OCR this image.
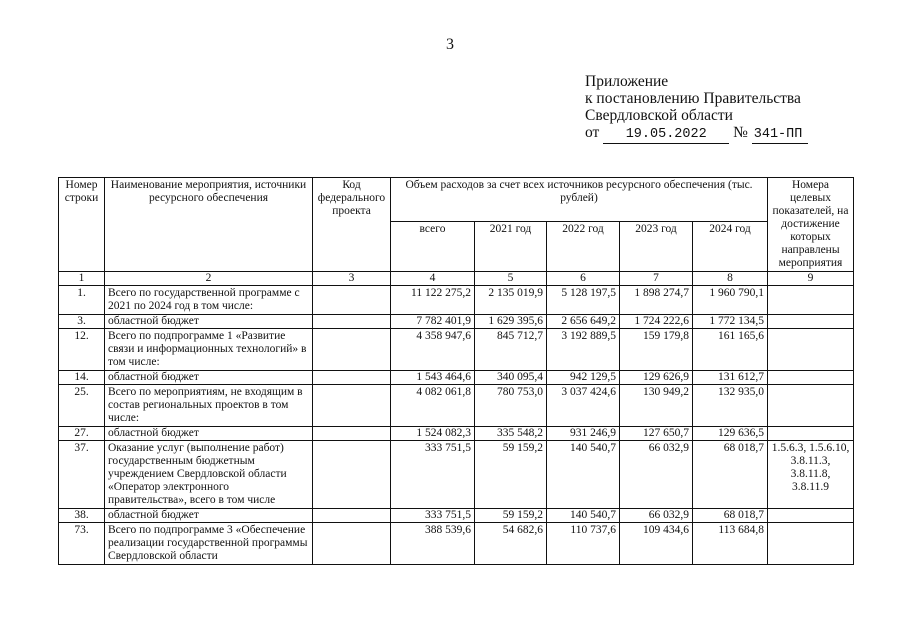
3
Приложение
к постановлению Правительства
Свердловской области
от 19.05.2022 № 341-ПП
Номер строки	Наименование мероприятия, источники ресурсного обеспечения	Код федерального проекта	Объем расходов за счет всех источников ресурсного обеспечения (тыс. рублей)					Номера целевых показателей, на достижение которых направлены мероприятия
			всего	2021 год	2022 год	2023 год	2024 год	
1	2	3	4	5	6	7	8	9
1.	Всего по государственной программе с 2021 по 2024 год в том числе:		11 122 275,2	2 135 019,9	5 128 197,5	1 898 274,7	1 960 790,1	
3.	областной бюджет		7 782 401,9	1 629 395,6	2 656 649,2	1 724 222,6	1 772 134,5	
12.	Всего по подпрограмме 1 «Развитие связи и информационных технологий» в том числе:		4 358 947,6	845 712,7	3 192 889,5	159 179,8	161 165,6	
14.	областной бюджет		1 543 464,6	340 095,4	942 129,5	129 626,9	131 612,7	
25.	Всего по мероприятиям, не входящим в состав региональных проектов в том числе:		4 082 061,8	780 753,0	3 037 424,6	130 949,2	132 935,0	
27.	областной бюджет		1 524 082,3	335 548,2	931 246,9	127 650,7	129 636,5	
37.	Оказание услуг (выполнение работ) государственным бюджетным учреждением Свердловской области «Оператор электронного правительства», всего в том числе		333 751,5	59 159,2	140 540,7	66 032,9	68 018,7	1.5.6.3, 1.5.6.10, 3.8.11.3, 3.8.11.8, 3.8.11.9
38.	областной бюджет		333 751,5	59 159,2	140 540,7	66 032,9	68 018,7	
73.	Всего по подпрограмме 3 «Обеспечение реализации государственной программы Свердловской области		388 539,6	54 682,6	110 737,6	109 434,6	113 684,8	
